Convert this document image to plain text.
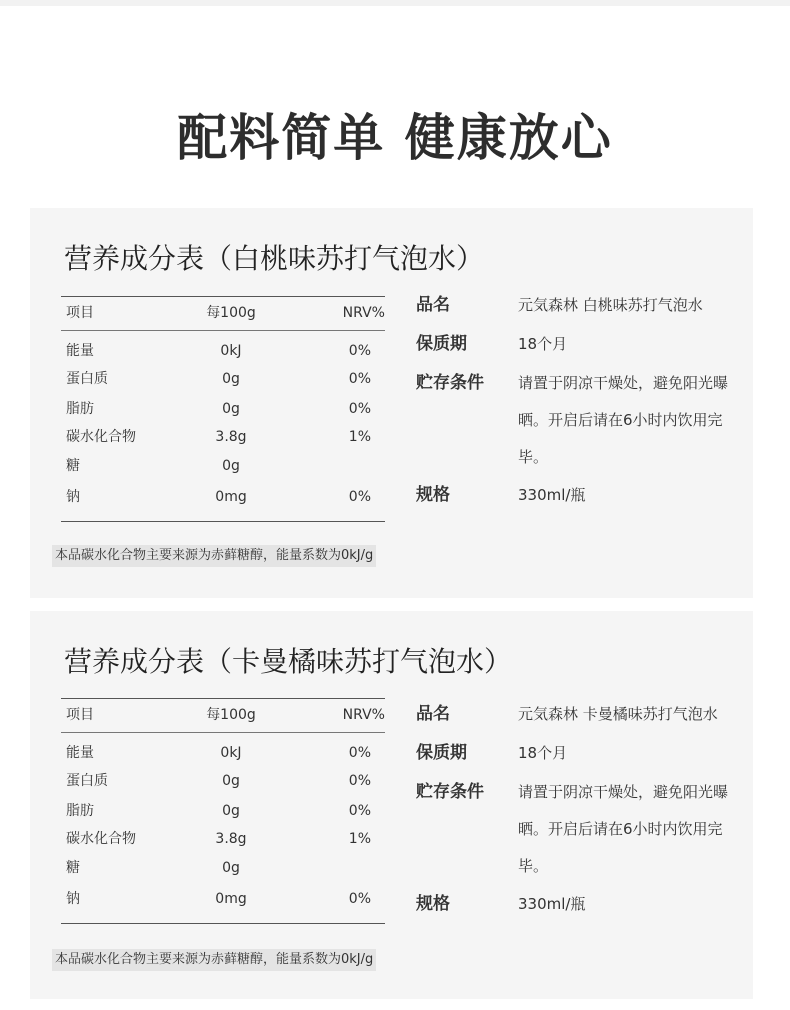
配料简单 健康放心
营养成分表（白桃味苏打气泡水）
项目	每100g	NRV%
能量	0kJ	0%
蛋白质	0g	0%
脂肪	0g	0%
碳水化合物	3.8g	1%
糖	0g
钠	0mg	0%
本品碳水化合物主要来源为赤藓糖醇，能量系数为0kJ/g
品名	元気森林 白桃味苏打气泡水
保质期	18个月
贮存条件 请置于阴凉干燥处，避免阳光曝晒。开启后请在6小时内饮用完毕。
规格	330ml/瓶
营养成分表（卡曼橘味苏打气泡水）
项目	每100g	NRV%
能量	0kJ	0%
蛋白质	0g	0%
脂肪	0g	0%
碳水化合物	3.8g	1%
糖	0g
钠	0mg	0%
本品碳水化合物主要来源为赤藓糖醇，能量系数为0kJ/g
品名	元気森林 卡曼橘味苏打气泡水
保质期	18个月
贮存条件 请置于阴凉干燥处，避免阳光曝晒。开启后请在6小时内饮用完毕。
规格	330ml/瓶
